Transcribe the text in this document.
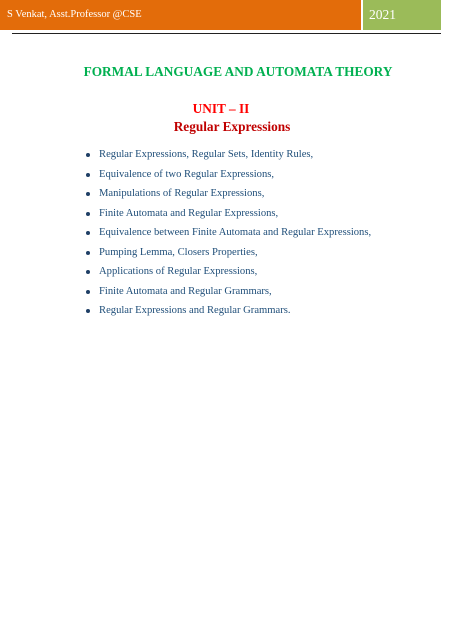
S Venkat, Asst.Professor @CSE	2021
FORMAL LANGUAGE AND AUTOMATA THEORY
UNIT – II
Regular Expressions
Regular Expressions, Regular Sets, Identity Rules,
Equivalence of two Regular Expressions,
Manipulations of Regular Expressions,
Finite Automata and Regular Expressions,
Equivalence between Finite Automata and Regular Expressions,
Pumping Lemma, Closers Properties,
Applications of Regular Expressions,
Finite Automata and Regular Grammars,
Regular Expressions and Regular Grammars.
